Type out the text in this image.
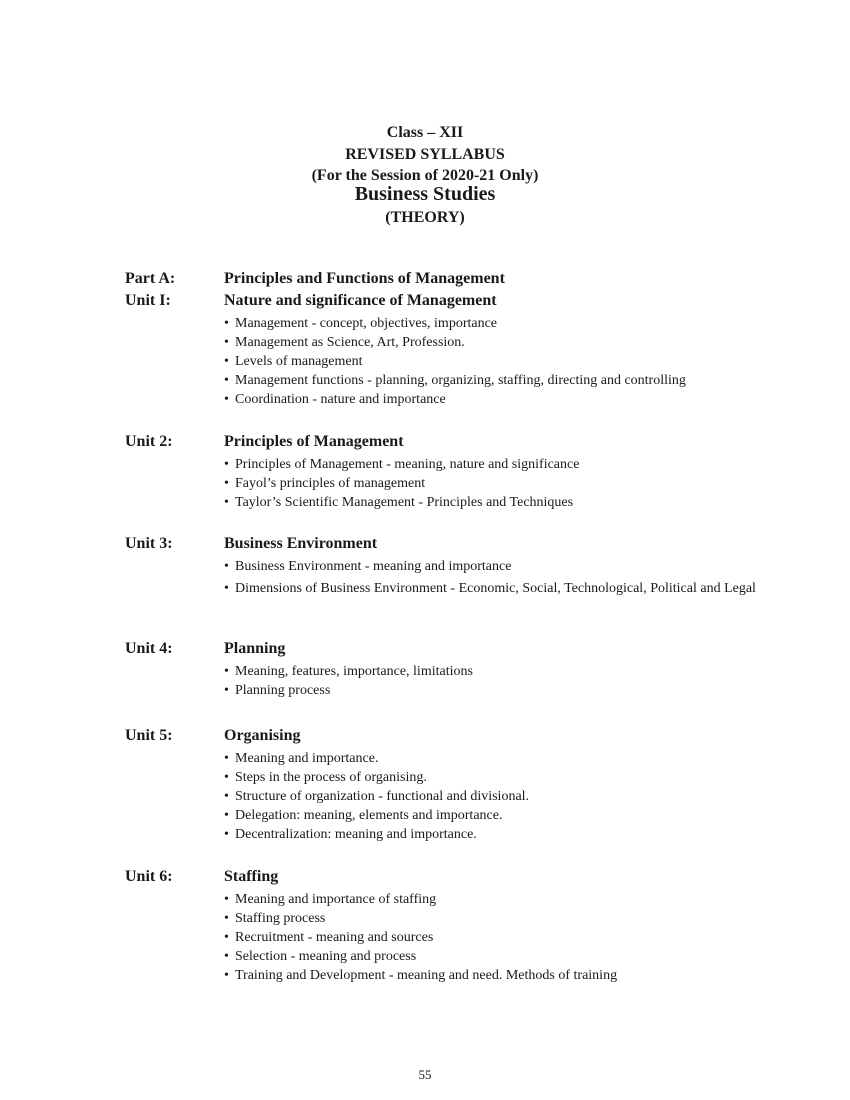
Class – XII
REVISED SYLLABUS
(For the Session of 2020-21 Only)
Business Studies
(THEORY)
Part A:	Principles and Functions of Management
Unit I:	Nature and significance of Management
• Management - concept, objectives, importance
• Management as Science, Art, Profession.
• Levels of management
• Management functions - planning, organizing, staffing, directing and controlling
• Coordination - nature and importance
Unit 2:	Principles of Management
• Principles of Management - meaning, nature and significance
• Fayol’s principles of management
• Taylor’s Scientific Management - Principles and Techniques
Unit 3:	Business Environment
• Business Environment - meaning and importance
• Dimensions of Business Environment - Economic, Social, Technological, Political and Legal
Unit 4:	Planning
• Meaning, features, importance, limitations
• Planning process
Unit 5:	Organising
• Meaning and importance.
• Steps in the process of organising.
• Structure of organization - functional and divisional.
• Delegation: meaning, elements and importance.
• Decentralization: meaning and importance.
Unit 6:	Staffing
• Meaning and importance of staffing
• Staffing process
• Recruitment - meaning and sources
• Selection - meaning and process
• Training and Development - meaning and need. Methods of training
55
